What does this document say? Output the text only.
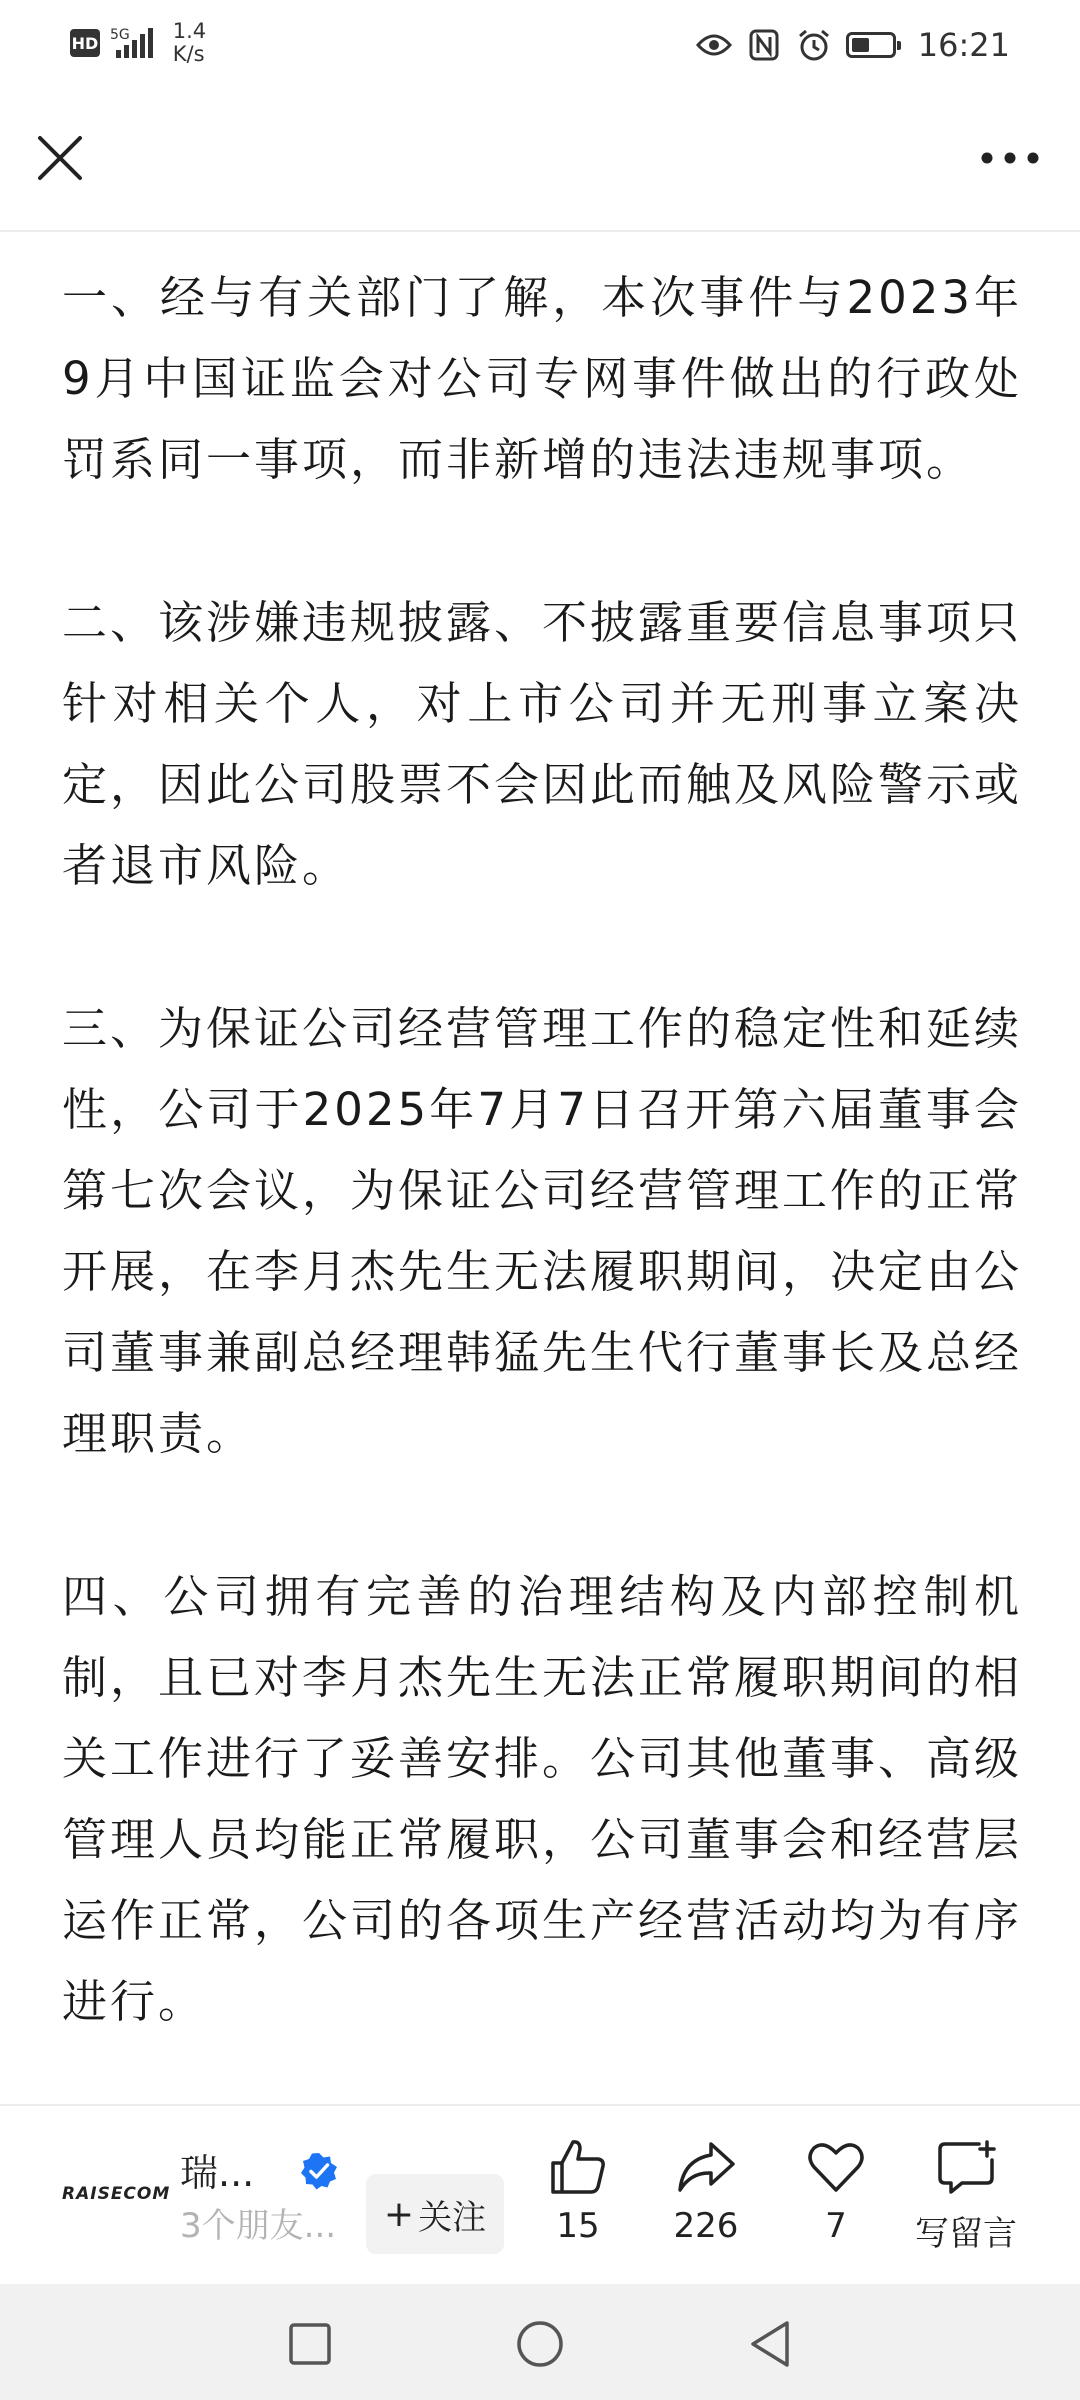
HD 5G 1.4
K/s	16:21

一、经与有关部门了解，本次事件与2023年9月中国证监会对公司专网事件做出的行政处罚系同一事项，而非新增的违法违规事项。

二、该涉嫌违规披露、不披露重要信息事项只针对相关个人，对上市公司并无刑事立案决定，因此公司股票不会因此而触及风险警示或者退市风险。

三、为保证公司经营管理工作的稳定性和延续性，公司于2025年7月7日召开第六届董事会第七次会议，为保证公司经营管理工作的正常开展，在李月杰先生无法履职期间，决定由公司董事兼副总经理韩猛先生代行董事长及总经理职责。

四、公司拥有完善的治理结构及内部控制机制，且已对李月杰先生无法正常履职期间的相关工作进行了妥善安排。公司其他董事、高级管理人员均能正常履职，公司董事会和经营层运作正常，公司的各项生产经营活动均为有序进行。

RAISECOM 瑞...
3个朋友... + 关注 15 226	7 写留言
